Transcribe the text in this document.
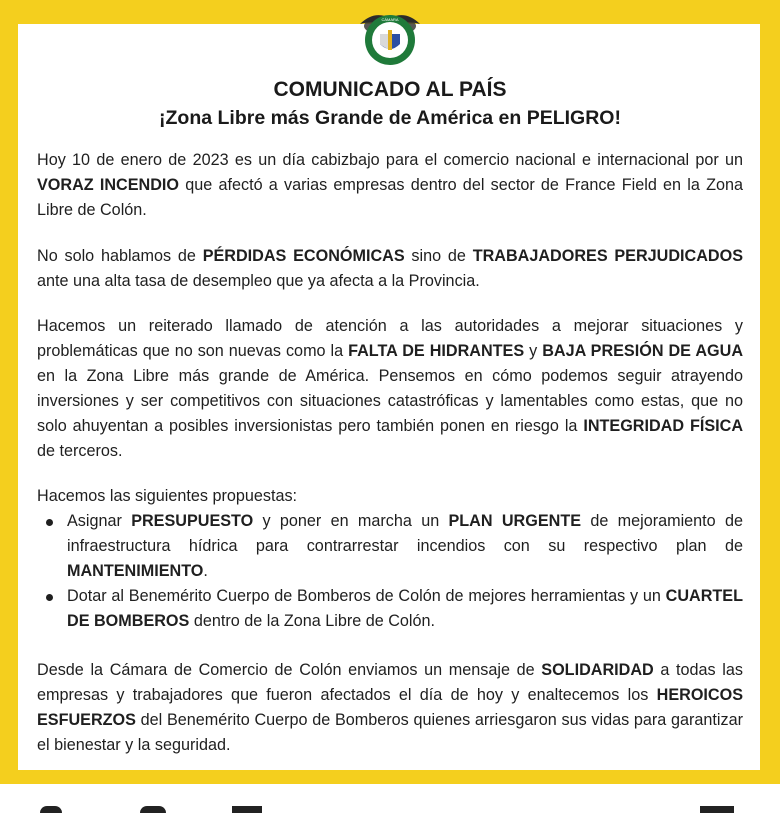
CÁMARA
COMUNICADO AL PAÍS
¡Zona Libre más Grande de América en PELIGRO!

Hoy 10 de enero de 2023 es un día cabizbajo para el comercio nacional e internacional por un VORAZ INCENDIO que afectó a varias empresas dentro del sector de France Field en la Zona Libre de Colón.

No solo hablamos de PÉRDIDAS ECONÓMICAS sino de TRABAJADORES PERJUDICADOS ante una alta tasa de desempleo que ya afecta a la Provincia.

Hacemos un reiterado llamado de atención a las autoridades a mejorar situaciones y problemáticas que no son nuevas como la FALTA DE HIDRANTES y BAJA PRESIÓN DE AGUA en la Zona Libre más grande de América. Pensemos en cómo podemos seguir atrayendo inversiones y ser competitivos con situaciones catastróficas y lamentables como estas, que no solo ahuyentan a posibles inversionistas pero también ponen en riesgo la INTEGRIDAD FÍSICA de terceros.

Hacemos las siguientes propuestas:

Asignar PRESUPUESTO y poner en marcha un PLAN URGENTE de mejoramiento de infraestructura hídrica para contrarrestar incendios con su respectivo plan de MANTENIMIENTO.
Dotar al Benemérito Cuerpo de Bomberos de Colón de mejores herramientas y un CUARTEL DE BOMBEROS dentro de la Zona Libre de Colón.

Desde la Cámara de Comercio de Colón enviamos un mensaje de SOLIDARIDAD a todas las empresas y trabajadores que fueron afectados el día de hoy y enaltecemos los HEROICOS ESFUERZOS del Benemérito Cuerpo de Bomberos quienes arriesgaron sus vidas para garantizar el bienestar y la seguridad.
